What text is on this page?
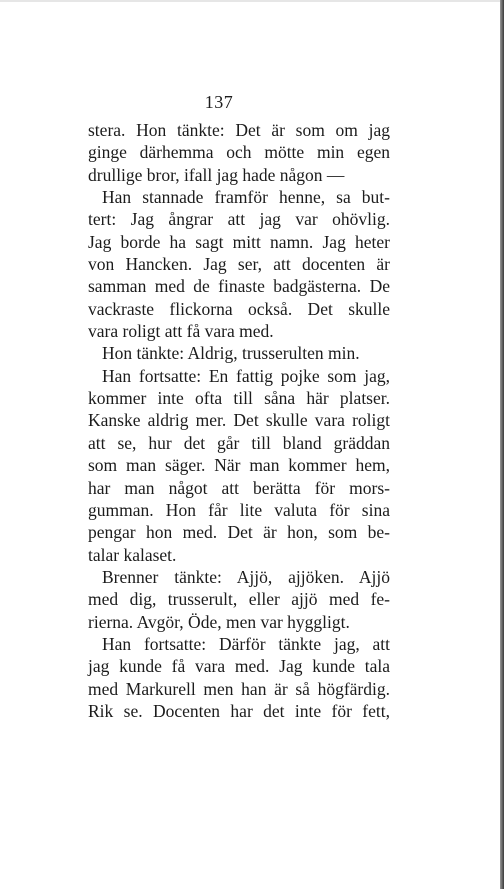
137
stera. Hon tänkte: Det är som om jag
ginge därhemma och mötte min egen
drullige bror, ifall jag hade någon —
Han stannade framför henne, sa but-
tert: Jag ångrar att jag var ohövlig.
Jag borde ha sagt mitt namn. Jag heter
von Hancken. Jag ser, att docenten är
samman med de finaste badgästerna. De
vackraste flickorna också. Det skulle
vara roligt att få vara med.
Hon tänkte: Aldrig, trusserulten min.
Han fortsatte: En fattig pojke som jag,
kommer inte ofta till såna här platser.
Kanske aldrig mer. Det skulle vara roligt
att se, hur det går till bland gräddan
som man säger. När man kommer hem,
har man något att berätta för mors-
gumman. Hon får lite valuta för sina
pengar hon med. Det är hon, som be-
talar kalaset.
Brenner tänkte: Ajjö, ajjöken. Ajjö
med dig, trusserult, eller ajjö med fe-
rierna. Avgör, Öde, men var hyggligt.
Han fortsatte: Därför tänkte jag, att
jag kunde få vara med. Jag kunde tala
med Markurell men han är så högfärdig.
Rik se. Docenten har det inte för fett,
